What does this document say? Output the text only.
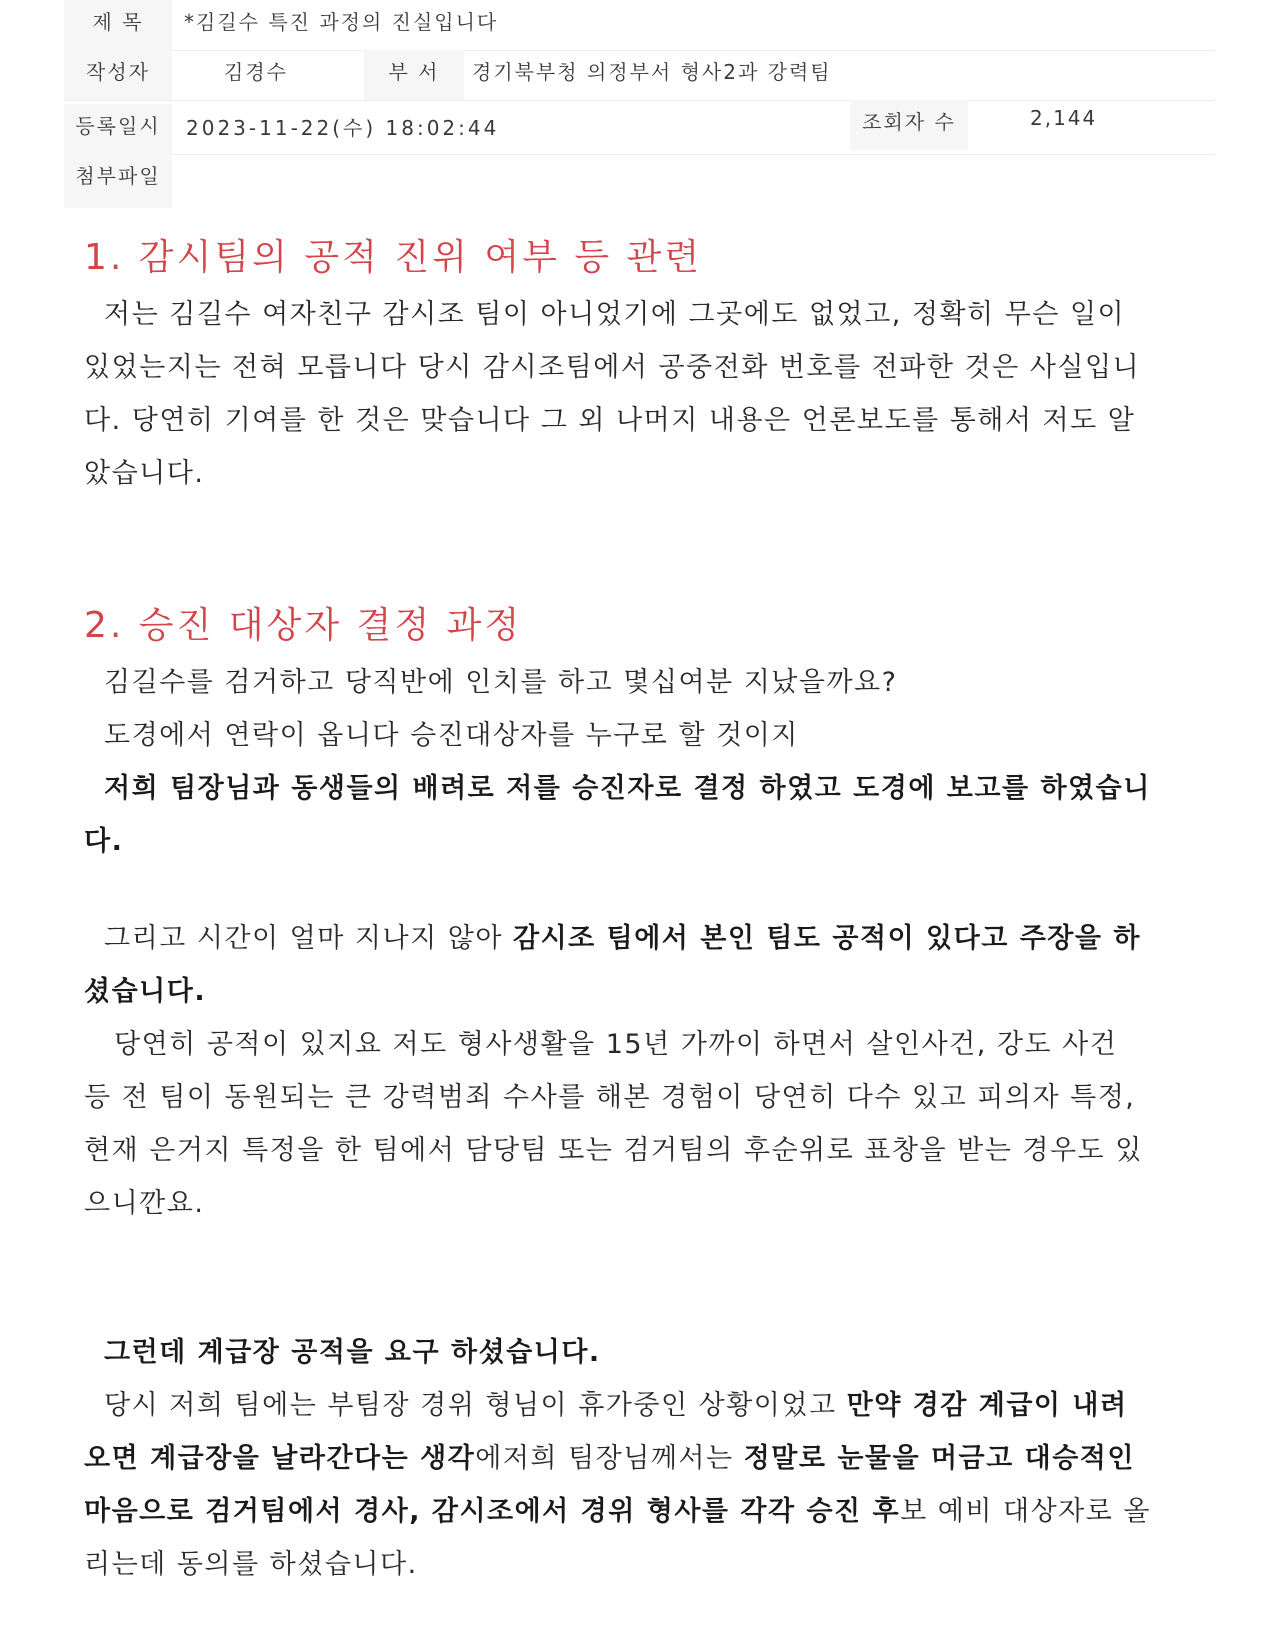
제 목	*김길수 특진 과정의 진실입니다
작성자	김경수	부 서	경기북부청 의정부서 형사2과 강력팀
등록일시	2023-11-22(수) 18:02:44	조회자 수	2,144
첨부파일
1. 감시팀의 공적 진위 여부 등 관련

저는 김길수 여자친구 감시조 팀이 아니었기에 그곳에도 없었고, 정확히 무슨 일이

있었는지는 전혀 모릅니다 당시 감시조팀에서 공중전화 번호를 전파한 것은 사실입니

다. 당연히 기여를 한 것은 맞습니다 그 외 나머지 내용은 언론보도를 통해서 저도 알

았습니다.

2. 승진 대상자 결정 과정

김길수를 검거하고 당직반에 인치를 하고 몇십여분 지났을까요?

도경에서 연락이 옵니다 승진대상자를 누구로 할 것이지

저희 팀장님과 동생들의 배려로 저를 승진자로 결정 하였고 도경에 보고를 하였습니

다.

그리고 시간이 얼마 지나지 않아 감시조 팀에서 본인 팀도 공적이 있다고 주장을 하

셨습니다.

당연히 공적이 있지요 저도 형사생활을 15년 가까이 하면서 살인사건, 강도 사건

등 전 팀이 동원되는 큰 강력범죄 수사를 해본 경험이 당연히 다수 있고 피의자 특정,

현재 은거지 특정을 한 팀에서 담당팀 또는 검거팀의 후순위로 표창을 받는 경우도 있

으니깐요.

그런데 계급장 공적을 요구 하셨습니다.

당시 저희 팀에는 부팀장 경위 형님이 휴가중인 상황이었고 만약 경감 계급이 내려

오면 계급장을 날라간다는 생각에저희 팀장님께서는 정말로 눈물을 머금고 대승적인

마음으로 검거팀에서 경사, 감시조에서 경위 형사를 각각 승진 후보 예비 대상자로 올

리는데 동의를 하셨습니다.
